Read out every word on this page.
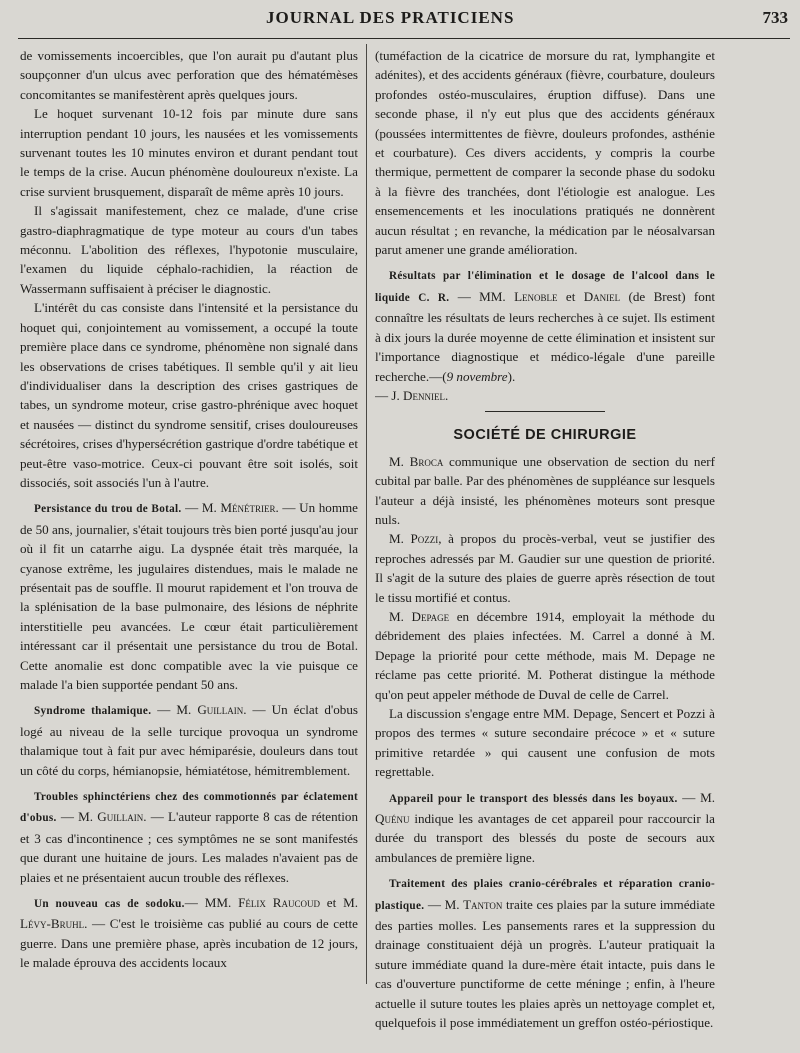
JOURNAL DES PRATICIENS	733

de vomissements incoercibles, que l'on aurait pu d'autant plus soupçonner d'un ulcus avec perforation que des hématémèses concomitantes se manifestèrent après quelques jours.

Le hoquet survenant 10-12 fois par minute dure sans interruption pendant 10 jours, les nausées et les vomissements survenant toutes les 10 minutes environ et durant pendant tout le temps de la crise. Aucun phénomène douloureux n'existe. La crise survient brusquement, disparaît de même après 10 jours.

Il s'agissait manifestement, chez ce malade, d'une crise gastro-diaphragmatique de type moteur au cours d'un tabes méconnu. L'abolition des réflexes, l'hypotonie musculaire, l'examen du liquide céphalo-rachidien, la réaction de Wassermann suffisaient à préciser le diagnostic.

L'intérêt du cas consiste dans l'intensité et la persistance du hoquet qui, conjointement au vomissement, a occupé la toute première place dans ce syndrome, phénomène non signalé dans les observations de crises tabétiques. Il semble qu'il y ait lieu d'individualiser dans la description des crises gastriques de tabes, un syndrome moteur, crise gastro-phrénique avec hoquet et nausées — distinct du syndrome sensitif, crises douloureuses sécrétoires, crises d'hypersécrétion gastrique d'ordre tabétique et peut-être vaso-motrice. Ceux-ci pouvant être soit isolés, soit dissociés, soit associés l'un à l'autre.

Persistance du trou de Botal. — M. Ménétrier. — Un homme de 50 ans, journalier, s'était toujours très bien porté jusqu'au jour où il fit un catarrhe aigu. La dyspnée était très marquée, la cyanose extrême, les jugulaires distendues, mais le malade ne présentait pas de souffle. Il mourut rapidement et l'on trouva de la splénisation de la base pulmonaire, des lésions de néphrite interstitielle peu avancées. Le cœur était particulièrement intéressant car il présentait une persistance du trou de Botal. Cette anomalie est donc compatible avec la vie puisque ce malade l'a bien supportée pendant 50 ans.

Syndrome thalamique. — M. Guillain. — Un éclat d'obus logé au niveau de la selle turcique provoqua un syndrome thalamique tout à fait pur avec hémiparésie, douleurs dans tout un côté du corps, hémianopsie, hémiatétose, hémitremblement.

Troubles sphinctériens chez des commotionnés par éclatement d'obus. — M. Guillain. — L'auteur rapporte 8 cas de rétention et 3 cas d'incontinence ; ces symptômes ne se sont manifestés que durant une huitaine de jours. Les malades n'avaient pas de plaies et ne présentaient aucun trouble des réflexes.

Un nouveau cas de sodoku.— MM. Félix Raucoud et M. Lévy-Bruhl. — C'est le troisième cas publié au cours de cette guerre. Dans une première phase, après incubation de 12 jours, le malade éprouva des accidents locaux

(tuméfaction de la cicatrice de morsure du rat, lymphangite et adénites), et des accidents généraux (fièvre, courbature, douleurs profondes ostéo-musculaires, éruption diffuse). Dans une seconde phase, il n'y eut plus que des accidents généraux (poussées intermittentes de fièvre, douleurs profondes, asthénie et courbature). Ces divers accidents, y compris la courbe thermique, permettent de comparer la seconde phase du sodoku à la fièvre des tranchées, dont l'étiologie est analogue. Les ensemencements et les inoculations pratiqués ne donnèrent aucun résultat ; en revanche, la médication par le néosalvarsan parut amener une grande amélioration.

Résultats par l'élimination et le dosage de l'alcool dans le liquide C. R. — MM. Lenoble et Daniel (de Brest) font connaître les résultats de leurs recherches à ce sujet. Ils estiment à dix jours la durée moyenne de cette élimination et insistent sur l'importance diagnostique et médico-légale d'une pareille recherche.—(9 novembre).

— J. Denniel.

SOCIÉTÉ DE CHIRURGIE

M. Broca communique une observation de section du nerf cubital par balle. Par des phénomènes de suppléance sur lesquels l'auteur a déjà insisté, les phénomènes moteurs sont presque nuls.

M. Pozzi, à propos du procès-verbal, veut se justifier des reproches adressés par M. Gaudier sur une question de priorité. Il s'agit de la suture des plaies de guerre après résection de tout le tissu mortifié et contus.

M. Depage en décembre 1914, employait la méthode du débridement des plaies infectées. M. Carrel a donné à M. Depage la priorité pour cette méthode, mais M. Depage ne réclame pas cette priorité. M. Potherat distingue la méthode qu'on peut appeler méthode de Duval de celle de Carrel.

La discussion s'engage entre MM. Depage, Sencert et Pozzi à propos des termes « suture secondaire précoce » et « suture primitive retardée » qui causent une confusion de mots regrettable.

Appareil pour le transport des blessés dans les boyaux. — M. Quénu indique les avantages de cet appareil pour raccourcir la durée du transport des blessés du poste de secours aux ambulances de première ligne.

Traitement des plaies cranio-cérébrales et réparation cranio-plastique. — M. Tanton traite ces plaies par la suture immédiate des parties molles. Les pansements rares et la suppression du drainage constituaient déjà un progrès. L'auteur pratiquait la suture immédiate quand la dure-mère était intacte, puis dans le cas d'ouverture punctiforme de cette méninge ; enfin, à l'heure actuelle il suture toutes les plaies après un nettoyage complet et, quelquefois il pose immédiatement un greffon ostéo-périostique.
